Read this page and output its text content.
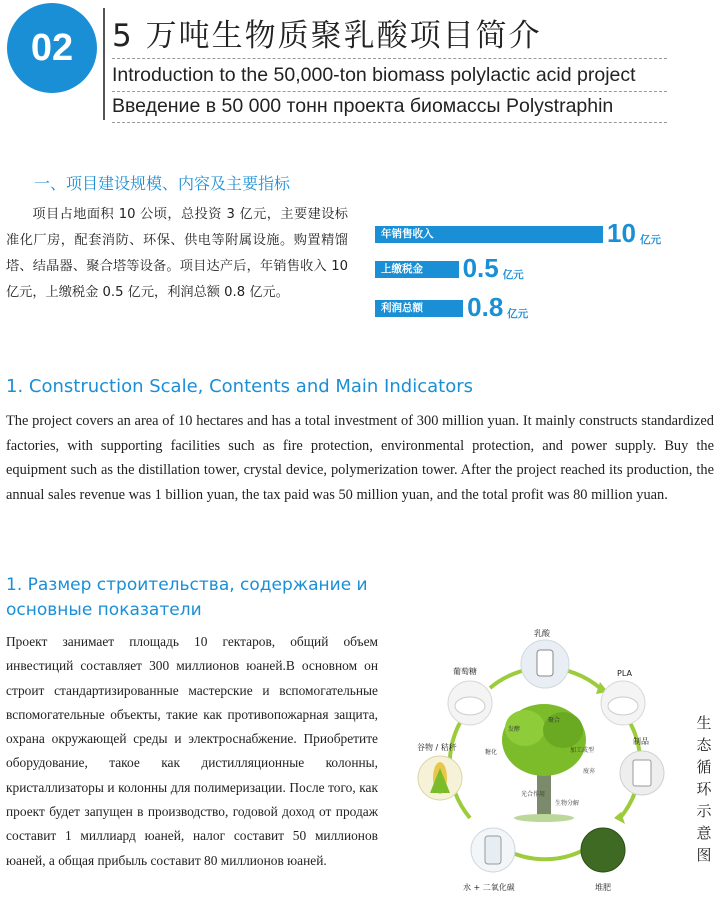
02	5 万吨生物质聚乳酸项目简介
Introduction to the 50,000-ton biomass polylactic acid project
Введение в 50 000 тонн проекта биомассы Polystraphin
一、项目建设规模、内容及主要指标
项目占地面积 10 公顷，总投资 3 亿元，主要建设标准化厂房，配套消防、环保、供电等附属设施。购置精馏塔、结晶器、聚合塔等设备。项目达产后，年销售收入 10 亿元，上缴税金 0.5 亿元，利润总额 0.8 亿元。
年销售收入	10 亿元
上缴税金	0.5 亿元
利润总额	0.8 亿元
1. Construction Scale, Contents and Main Indicators
The project covers an area of 10 hectares and has a total investment of 300 million yuan. It mainly constructs standardized factories, with supporting facilities such as fire protection, environmental protection, and power supply. Buy the equipment such as the distillation tower, crystal device, polymerization tower. After the project reached its production, the annual sales revenue was 1 billion yuan, the tax paid was 50 million yuan, and the total profit was 80 million yuan.
1. Размер строительства, содержание и основные показатели
Проект занимает площадь 10 гектаров, общий объем инвестиций составляет 300 миллионов юаней.В основном он строит стандартизированные мастерские и вспомогательные вспомогательные объекты, такие как противопожарная защита, охрана окружающей среды и электроснабжение. Приобретите оборудование, такое как дистилляционные колонны, кристаллизаторы и колонны для полимеризации. После того, как проект будет запущен в производство, годовой доход от продаж составит 1 миллиард юаней, налог составит 50 миллионов юаней, а общая прибыль составит 80 миллионов юаней.
发酵
聚合
加工成型
糖化
废弃
光合作用
生物分解
乳酸
葡萄糖	PLA
制品
堆肥
水 + 二氧化碳
谷物 / 秸秆
生
态
循
环
示
意
图
